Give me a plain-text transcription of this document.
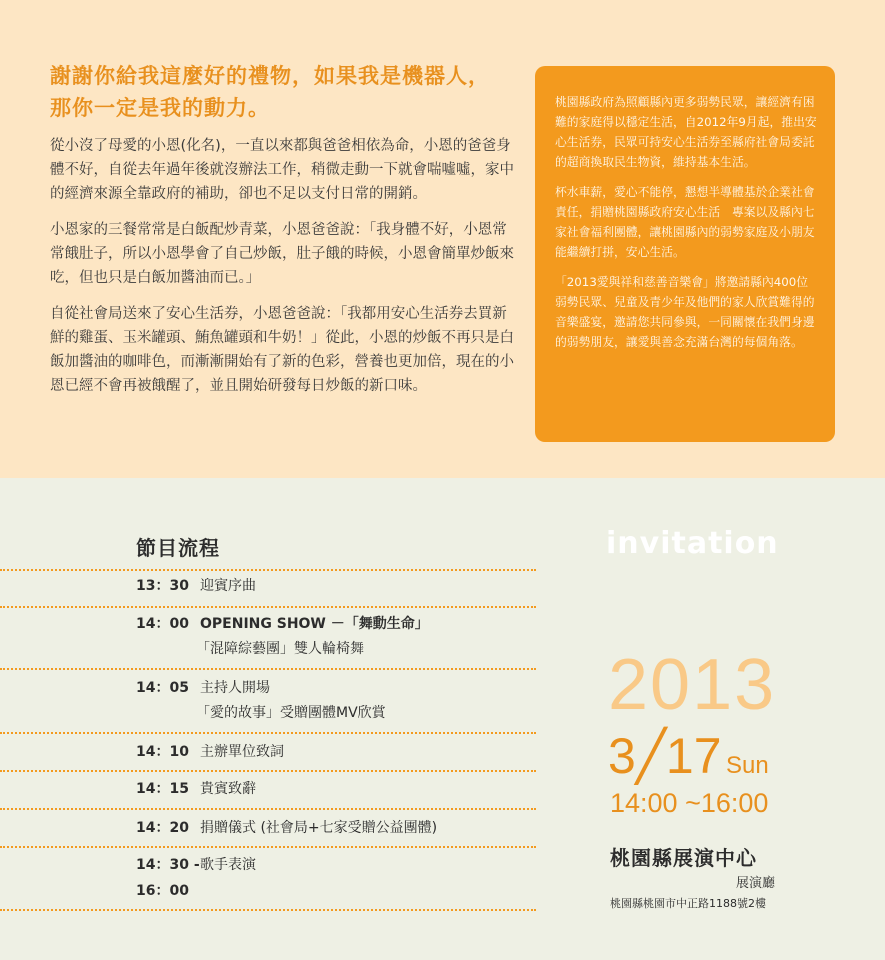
謝謝你給我這麼好的禮物，如果我是機器人，
那你一定是我的動力。

從小沒了母愛的小恩(化名)，一直以來都與爸爸相依為命，小恩的爸爸身體不好，自從去年過年後就沒辦法工作，稍微走動一下就會喘噓噓，家中的經濟來源全靠政府的補助，卻也不足以支付日常的開銷。

小恩家的三餐常常是白飯配炒青菜，小恩爸爸說：「我身體不好，小恩常常餓肚子，所以小恩學會了自己炒飯，肚子餓的時候，小恩會簡單炒飯來吃，但也只是白飯加醬油而已。」

自從社會局送來了安心生活券，小恩爸爸說：「我都用安心生活券去買新鮮的雞蛋、玉米罐頭、鮪魚罐頭和牛奶！」從此，小恩的炒飯不再只是白飯加醬油的咖啡色，而漸漸開始有了新的色彩，營養也更加倍，現在的小恩已經不會再被餓醒了，並且開始研發每日炒飯的新口味。

桃園縣政府為照顧縣內更多弱勢民眾，讓經濟有困難的家庭得以穩定生活，自2012年9月起，推出安心生活券，民眾可持安心生活券至縣府社會局委託的超商換取民生物資，維持基本生活。

杯水車薪，愛心不能停，懇想半導體基於企業社會責任，捐贈桃園縣政府安心生活　專案以及縣內七家社會福利團體，讓桃園縣內的弱勢家庭及小朋友能繼續打拼，安心生活。

「2013愛與祥和慈善音樂會」將邀請縣內400位弱勢民眾、兒童及青少年及他們的家人欣賞難得的音樂盛宴，邀請您共同參與，一同關懷在我們身邊的弱勢朋友，讓愛與善念充滿台灣的每個角落。

節目流程
13：30 迎賓序曲
14：00 OPENING SHOW －「舞動生命」
「混障綜藝團」雙人輪椅舞
14：05 主持人開場
「愛的故事」受贈團體MV欣賞
14：10 主辦單位致詞
14：15 貴賓致辭
14：20 捐贈儀式 (社會局+七家受贈公益團體)
14：30 -歌手表演
16：00
invitation
2013
3╱17 Sun
14:00 ~16:00
桃園縣展演中心
展演廳
桃園縣桃園市中正路1188號2樓
